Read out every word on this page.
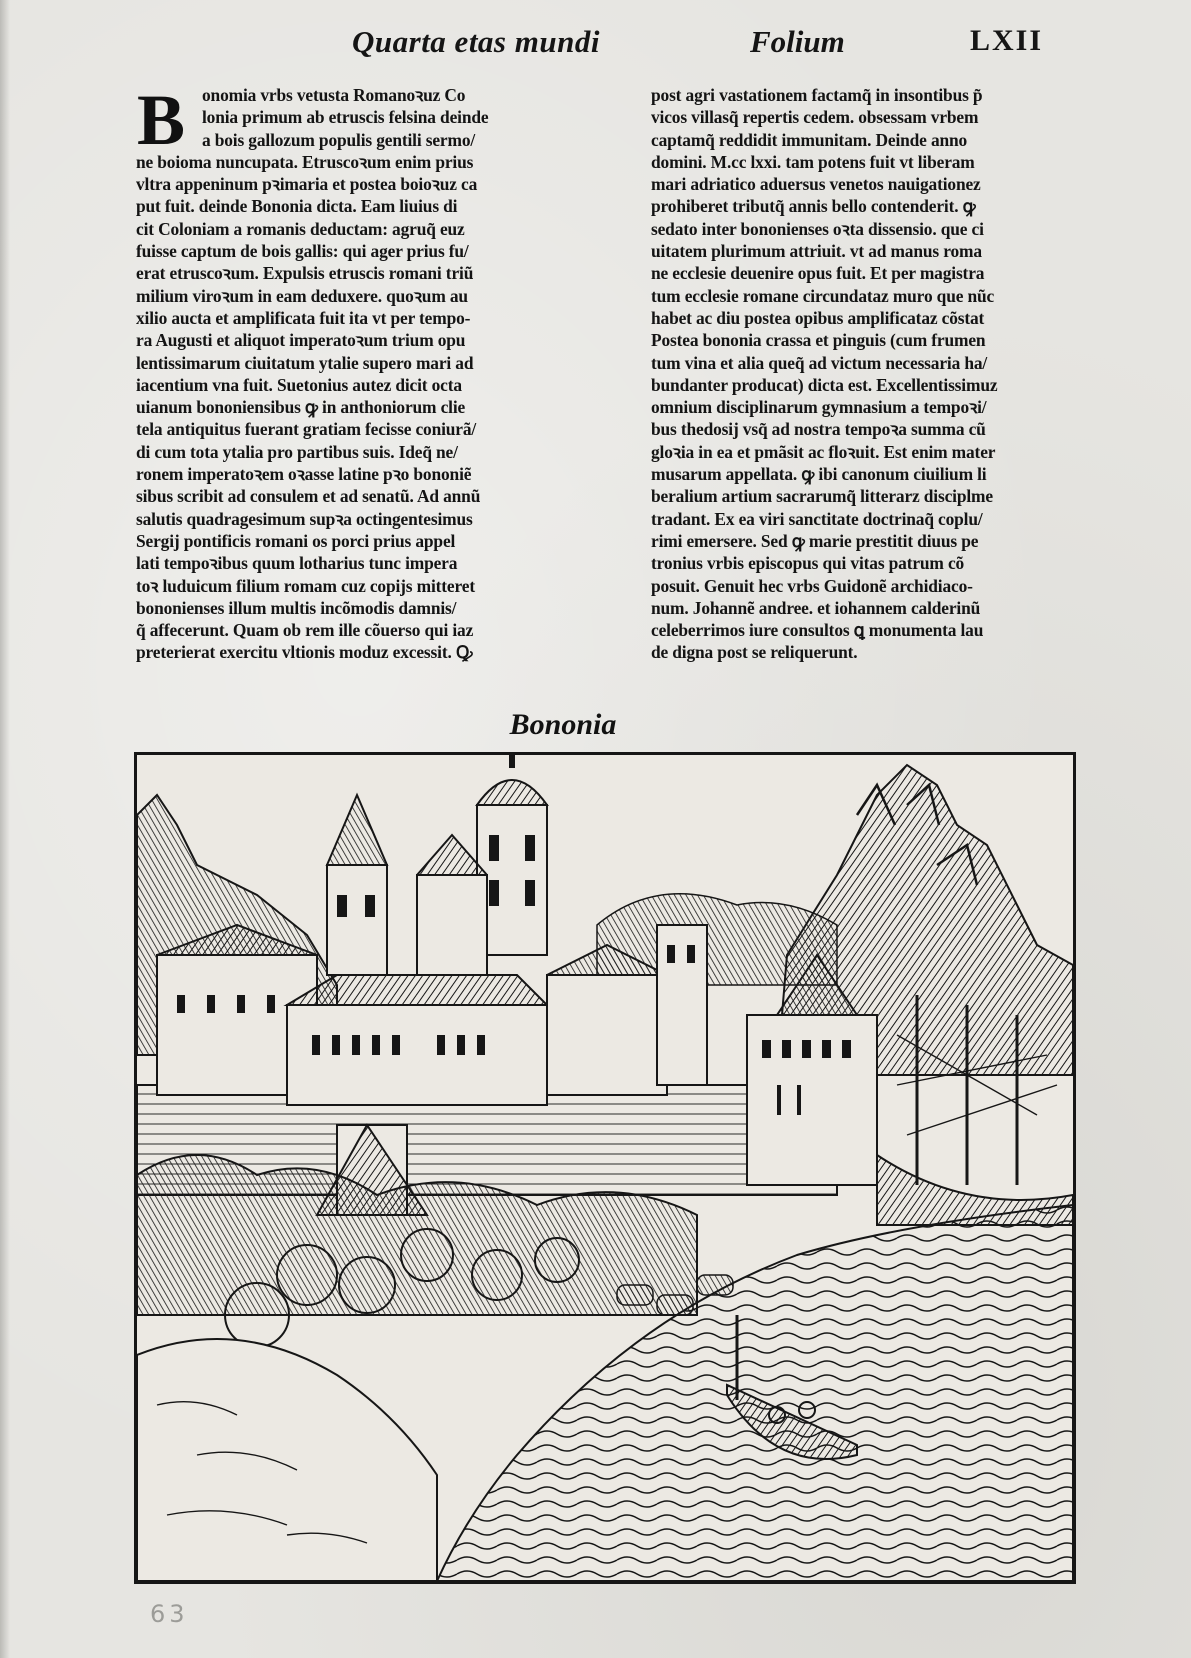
Quarta etas mundi	Folium	LXII
B onomia vrbs vetusta Romanoꝛuz Co
lonia primum ab etruscis felsina deinde
a bois gallozum populis gentili sermo/
ne boioma nuncupata. Etruscoꝛum enim prius
vltra appeninum pꝛimaria et postea boioꝛuz ca
put fuit. deinde Bononia dicta. Eam liuius di
cit Coloniam a romanis deductam: agruq̃ euz
fuisse captum de bois gallis: qui ager prius fu/
erat etruscoꝛum. Expulsis etruscis romani triũ
milium viroꝛum in eam deduxere. quoꝛum au
xilio aucta et amplificata fuit ita vt per tempo-
ra Augusti et aliquot imperatoꝛum trium opu
lentissimarum ciuitatum ytalie supero mari ad
iacentium vna fuit. Suetonius autez dicit octa
uianum bononiensibus ꝙ in anthoniorum clie
tela antiquitus fuerant gratiam fecisse coniurã/
di cum tota ytalia pro partibus suis. Ideq̃ ne/
ronem imperatoꝛem oꝛasse latine pꝛo bononiẽ
sibus scribit ad consulem et ad senatũ. Ad annũ
salutis quadragesimum supꝛa octingentesimus
Sergij pontificis romani os porci prius appel
lati tempoꝛibus quum lotharius tunc impera
toꝛ luduicum filium romam cuz copijs mitteret
bononienses illum multis incõmodis damnis/
q̃ affecerunt. Quam ob rem ille cõuerso qui iaz
preterierat exercitu vltionis moduz excessit. Ꝙ
post agri vastationem factamq̃ in insontibus p̃
vicos villasq̃ repertis cedem. obsessam vrbem
captamq̃ reddidit immunitam. Deinde anno
domini. M.cc lxxi. tam potens fuit vt liberam
mari adriatico aduersus venetos nauigationez
prohiberet tributq̃ annis bello contenderit. ꝙ
sedato inter bononienses oꝛta dissensio. que ci
uitatem plurimum attriuit. vt ad manus roma
ne ecclesie deuenire opus fuit. Et per magistra
tum ecclesie romane circundataz muro que nũc
habet ac diu postea opibus amplificataz cõstat
Postea bononia crassa et pinguis (cum frumen
tum vina et alia queq̃ ad victum necessaria ha/
bundanter producat) dicta est. Excellentissimuz
omnium disciplinarum gymnasium a tempoꝛi/
bus thedosij vsq̃ ad nostra tempoꝛa summa cũ
gloꝛia in ea et pmãsit ac floꝛuit. Est enim mater
musarum appellata. ꝙ ibi canonum ciuilium li
beralium artium sacrarumq̃ litterarz disciplme
tradant. Ex ea viri sanctitate doctrinaq̃ coplu/
rimi emersere. Sed ꝙ marie prestitit diuus pe
tronius vrbis episcopus qui vitas patrum cõ
posuit. Genuit hec vrbs Guidonẽ archidiaco-
num. Johannẽ andree. et iohannem calderinũ
celeberrimos iure consultos ꝗ monumenta lau
de digna post se reliquerunt.
Bononia
63
